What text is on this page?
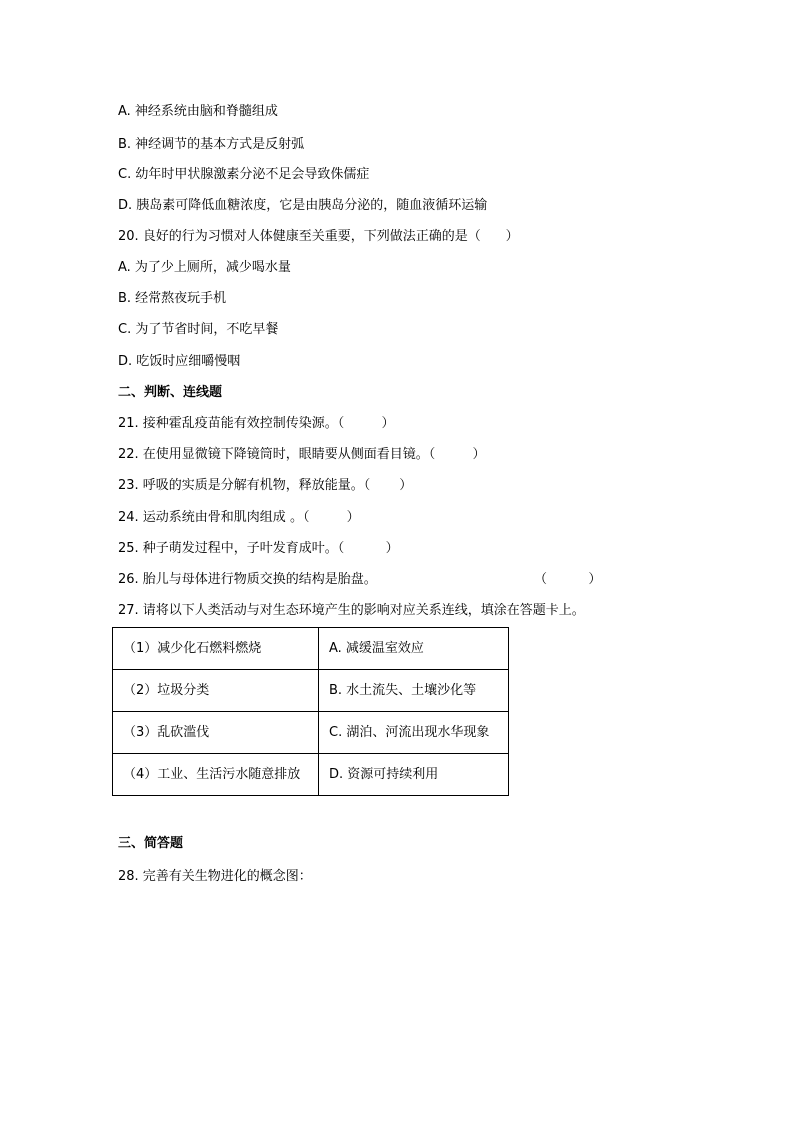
A. 神经系统由脑和脊髓组成
B. 神经调节的基本方式是反射弧
C. 幼年时甲状腺激素分泌不足会导致侏儒症
D. 胰岛素可降低血糖浓度，它是由胰岛分泌的，随血液循环运输
20. 良好的行为习惯对人体健康至关重要，下列做法正确的是（      ）
A. 为了少上厕所，减少喝水量
B. 经常熬夜玩手机
C. 为了节省时间，不吃早餐
D. 吃饭时应细嚼慢咽
二、判断、连线题
21. 接种霍乱疫苗能有效控制传染源。（         ）
22. 在使用显微镜下降镜筒时，眼睛要从侧面看目镜。（         ）
23. 呼吸的实质是分解有机物，释放能量。（       ）
24. 运动系统由骨和肌肉组成 。（         ）
25. 种子萌发过程中，子叶发育成叶。（          ）
26. 胎儿与母体进行物质交换的结构是胎盘。	（          ）
27. 请将以下人类活动与对生态环境产生的影响对应关系连线，填涂在答题卡上。
（1）减少化石燃料燃烧	A. 减缓温室效应
（2）垃圾分类	B. 水土流失、土壤沙化等
（3）乱砍滥伐	C. 湖泊、河流出现水华现象
（4）工业、生活污水随意排放	D. 资源可持续利用
三、简答题
28. 完善有关生物进化的概念图：
